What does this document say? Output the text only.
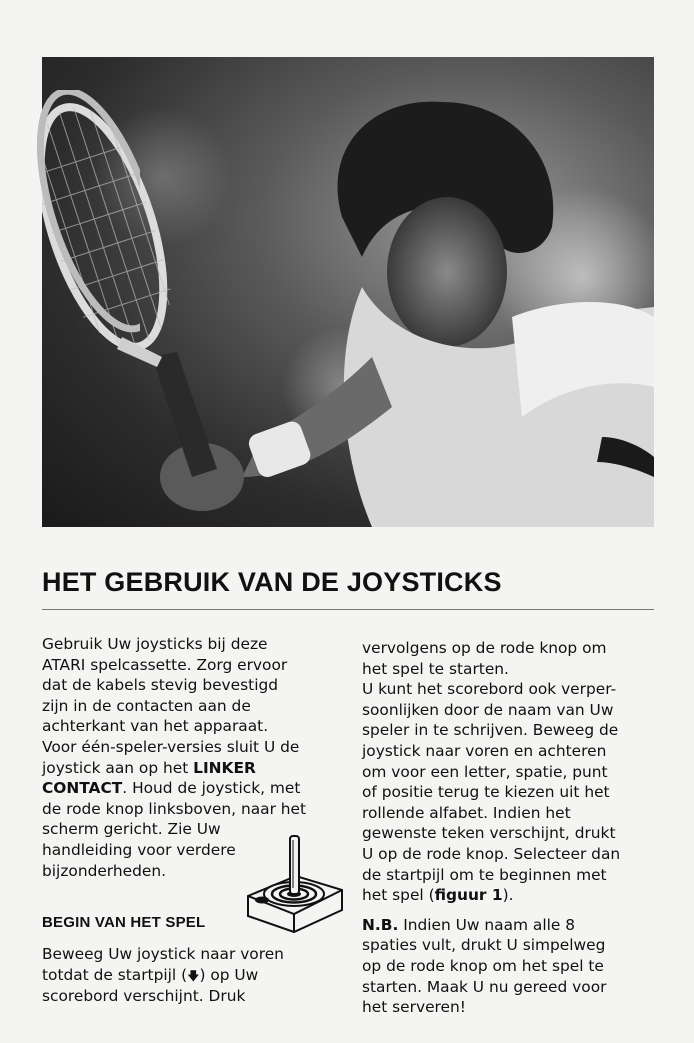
HET GEBRUIK VAN DE JOYSTICKS
Gebruik Uw joysticks bij deze
ATARI spelcassette. Zorg ervoor
dat de kabels stevig bevestigd
zijn in de contacten aan de
achterkant van het apparaat.
Voor één-speler-versies sluit U de
joystick aan op het LINKER
CONTACT. Houd de joystick, met
de rode knop linksboven, naar het
scherm gericht. Zie Uw
handleiding voor verdere
bijzonderheden.
BEGIN VAN HET SPEL
Beweeg Uw joystick naar voren
totdat de startpijl (🡇) op Uw
scorebord verschijnt. Druk
vervolgens op de rode knop om
het spel te starten.
U kunt het scorebord ook verper-
soonlijken door de naam van Uw
speler in te schrijven. Beweeg de
joystick naar voren en achteren
om voor een letter, spatie, punt
of positie terug te kiezen uit het
rollende alfabet. Indien het
gewenste teken verschijnt, drukt
U op de rode knop. Selecteer dan
de startpijl om te beginnen met
het spel (figuur 1).
N.B. Indien Uw naam alle 8
spaties vult, drukt U simpelweg
op de rode knop om het spel te
starten. Maak U nu gereed voor
het serveren!
